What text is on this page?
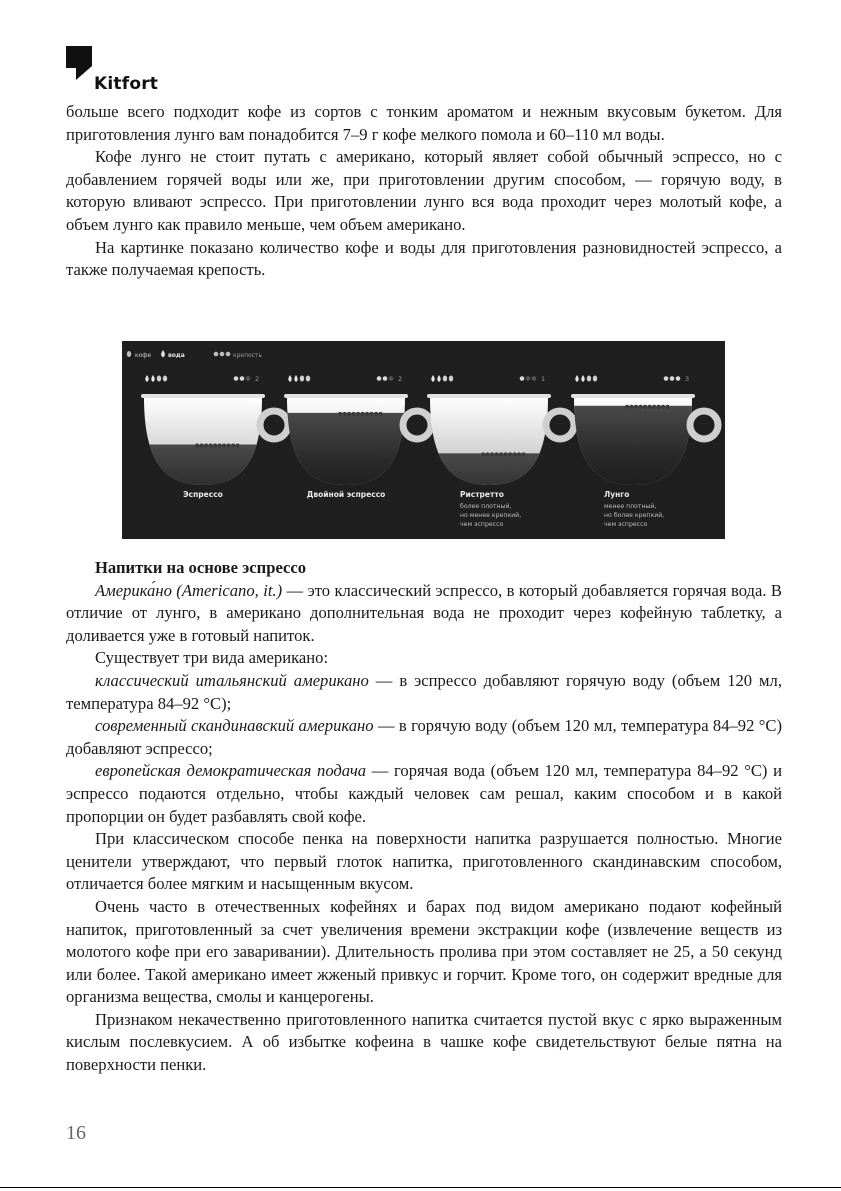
Kitfort

больше всего подходит кофе из сортов с тонким ароматом и нежным вкусовым букетом. Для приготовления лунго вам понадобится 7–9 г кофе мелкого помола и 60–110 мл воды.

Кофе лунго не стоит путать с американо, который являет собой обычный эспрессо, но с добавлением горячей воды или же, при приготовлении другим способом, — горячую воду, в которую вливают эспрессо. При приготовлении лунго вся вода проходит через молотый кофе, а объем лунго как правило меньше, чем объем американо.

На картинке показано количество кофе и воды для приготовления разновидностей эспрессо, а также получаемая крепость.

кофе	вода	крепость
2
Эспрессо
2
Двойной эспрессо
1
Ристретто
более плотный,
но менее крепкий,
чем эспрессо
3
Лунго
менее плотный,
но более крепкий,
чем эспрессо

Напитки на основе эспрессо

Америка́но (Americano, it.) — это классический эспрессо, в который добавляется горячая вода. В отличие от лунго, в американо дополнительная вода не проходит через кофейную таблетку, а доливается уже в готовый напиток.

Существует три вида американо:

классический итальянский американо — в эспрессо добавляют горячую воду (объем 120 мл, температура 84–92 °C);

современный скандинавский американо — в горячую воду (объем 120 мл, температура 84–92 °C) добавляют эспрессо;

европейская демократическая подача — горячая вода (объем 120 мл, температура 84–92 °C) и эспрессо подаются отдельно, чтобы каждый человек сам решал, каким способом и в какой пропорции он будет разбавлять свой кофе.

При классическом способе пенка на поверхности напитка разрушается полностью. Многие ценители утверждают, что первый глоток напитка, приготовленного скандинавским способом, отличается более мягким и насыщенным вкусом.

Очень часто в отечественных кофейнях и барах под видом американо подают кофейный напиток, приготовленный за счет увеличения времени экстракции кофе (извлечение веществ из молотого кофе при его заваривании). Длительность пролива при этом составляет не 25, а 50 секунд или более. Такой американо имеет жженый привкус и горчит. Кроме того, он содержит вредные для организма вещества, смолы и канцерогены.

Признаком некачественно приготовленного напитка считается пустой вкус с ярко выраженным кислым послевкусием. А об избытке кофеина в чашке кофе свидетельствуют белые пятна на поверхности пенки.

16
